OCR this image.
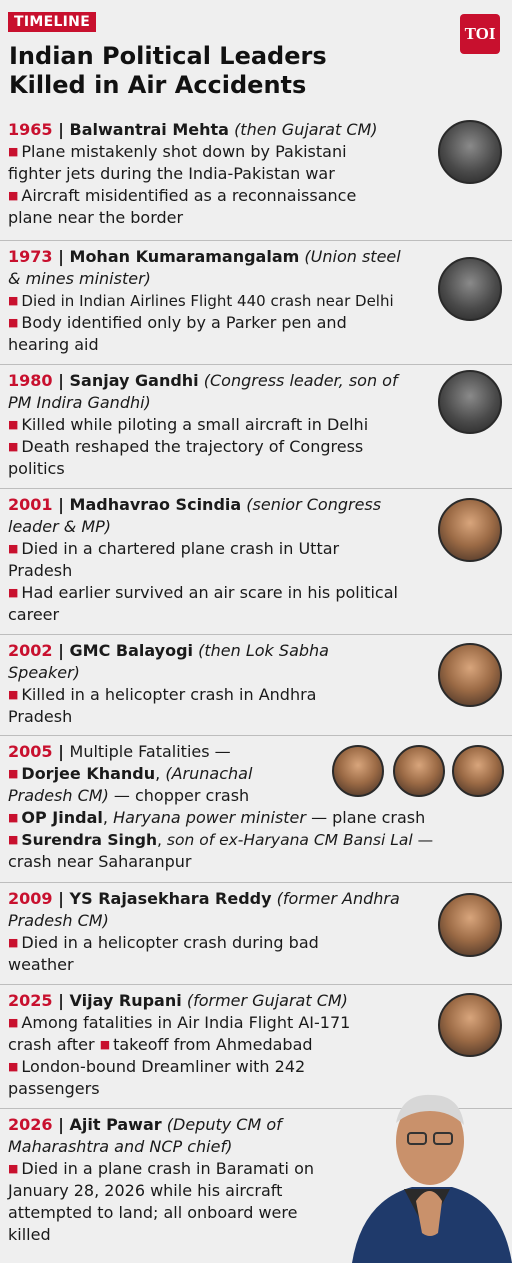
TIMELINE
TOI
Indian Political Leaders
Killed in Air Accidents
1965 | Balwantrai Mehta (then Gujarat CM)
■ Plane mistakenly shot down by Pakistani
fighter jets during the India-Pakistan war
■ Aircraft misidentified as a reconnaissance
plane near the border
1973 | Mohan Kumaramangalam (Union steel
& mines minister)
■ Died in Indian Airlines Flight 440 crash near Delhi
■ Body identified only by a Parker pen and
hearing aid
1980 | Sanjay Gandhi (Congress leader, son of
PM Indira Gandhi)
■ Killed while piloting a small aircraft in Delhi
■ Death reshaped the trajectory of Congress
politics
2001 | Madhavrao Scindia (senior Congress
leader & MP)
■ Died in a chartered plane crash in Uttar
Pradesh
■ Had earlier survived an air scare in his political
career
2002 | GMC Balayogi (then Lok Sabha
Speaker)
■ Killed in a helicopter crash in Andhra
Pradesh
2005 | Multiple Fatalities —
■ Dorjee Khandu, (Arunachal
Pradesh CM) — chopper crash
■ OP Jindal, Haryana power minister — plane crash
■ Surendra Singh, son of ex-Haryana CM Bansi Lal —
crash near Saharanpur
2009 | YS Rajasekhara Reddy (former Andhra
Pradesh CM)
■ Died in a helicopter crash during bad
weather
2025 | Vijay Rupani (former Gujarat CM)
■ Among fatalities in Air India Flight AI-171
crash after ■ takeoff from Ahmedabad
■ London-bound Dreamliner with 242
passengers
2026 | Ajit Pawar (Deputy CM of
Maharashtra and NCP chief)
■ Died in a plane crash in Baramati on
January 28, 2026 while his aircraft
attempted to land; all onboard were
killed
